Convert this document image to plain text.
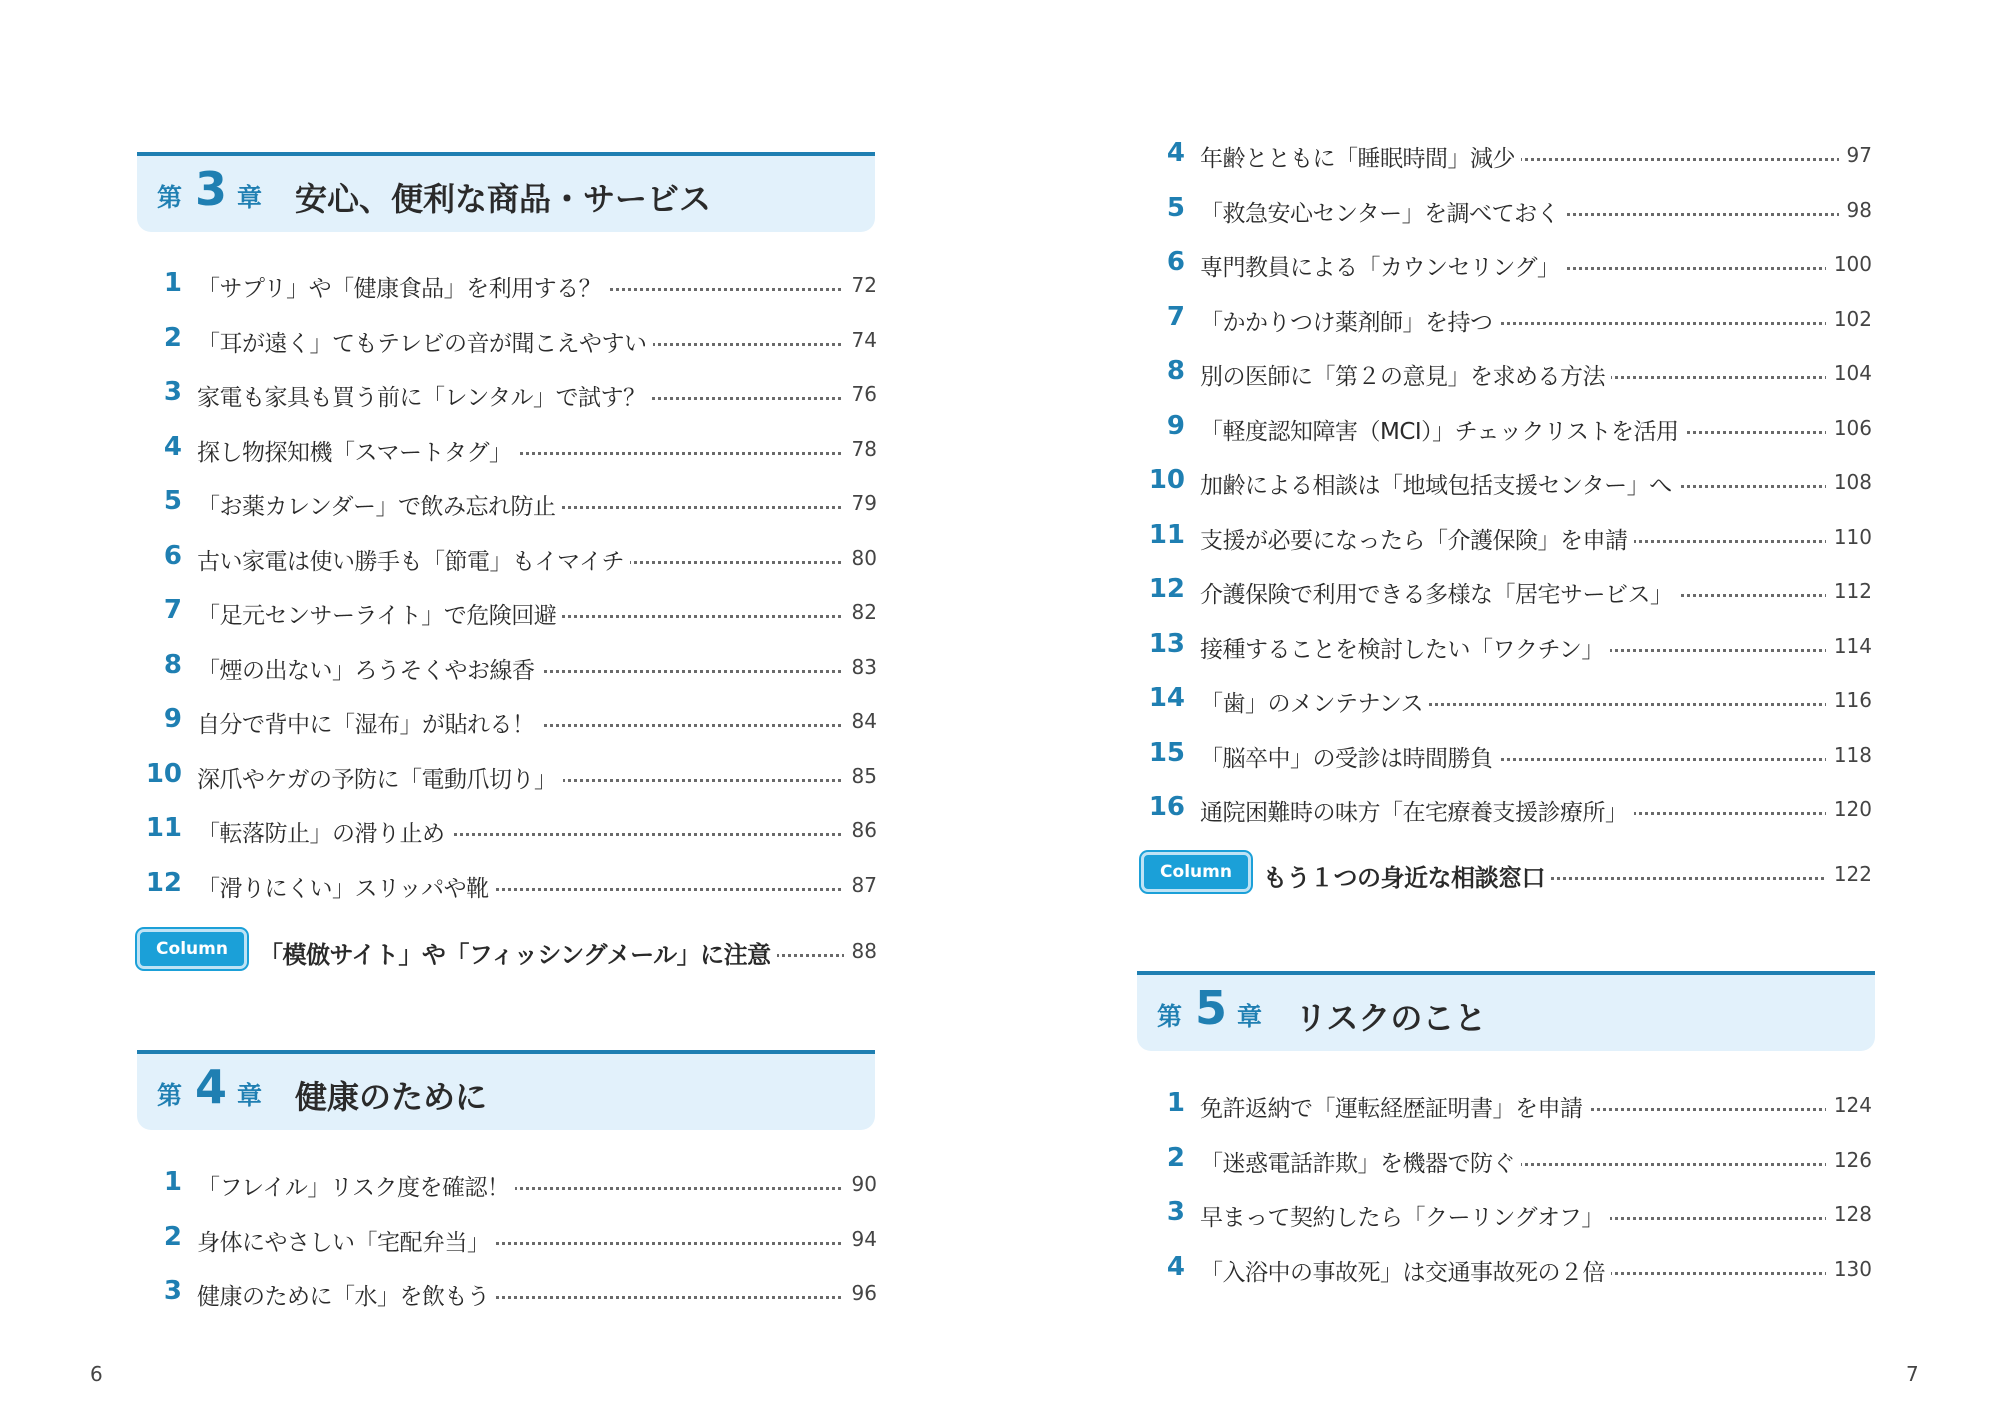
第 3 章 安心、便利な商品・サービス
1 「サプリ」や「健康食品」を利用する？	72
2 「耳が遠く」てもテレビの音が聞こえやすい	74
3 家電も家具も買う前に「レンタル」で試す？	76
4 探し物探知機「スマートタグ」	78
5 「お薬カレンダー」で飲み忘れ防止	79
6 古い家電は使い勝手も「節電」もイマイチ	80
7 「足元センサーライト」で危険回避	82
8 「煙の出ない」ろうそくやお線香	83
9 自分で背中に「湿布」が貼れる！	84
10 深爪やケガの予防に「電動爪切り」	85
11 「転落防止」の滑り止め	86
12 「滑りにくい」スリッパや靴	87
Column	「模倣サイト」や「フィッシングメール」に注意	88
第 4 章 健康のために
1 「フレイル」リスク度を確認！	90
2 身体にやさしい「宅配弁当」	94
3 健康のために「水」を飲もう	96
6
4 年齢とともに「睡眠時間」減少	97
5 「救急安心センター」を調べておく	98
6 専門教員による「カウンセリング」	100
7 「かかりつけ薬剤師」を持つ	102
8 別の医師に「第２の意見」を求める方法	104
9 「軽度認知障害（MCI）」チェックリストを活用	106
10 加齢による相談は「地域包括支援センター」へ	108
11 支援が必要になったら「介護保険」を申請	110
12 介護保険で利用できる多様な「居宅サービス」	112
13 接種することを検討したい「ワクチン」	114
14 「歯」のメンテナンス	116
15 「脳卒中」の受診は時間勝負	118
16 通院困難時の味方「在宅療養支援診療所」	120
Column	もう１つの身近な相談窓口	122
第 5 章 リスクのこと
1 免許返納で「運転経歴証明書」を申請	124
2 「迷惑電話詐欺」を機器で防ぐ	126
3 早まって契約したら「クーリングオフ」	128
4 「入浴中の事故死」は交通事故死の２倍	130
7
